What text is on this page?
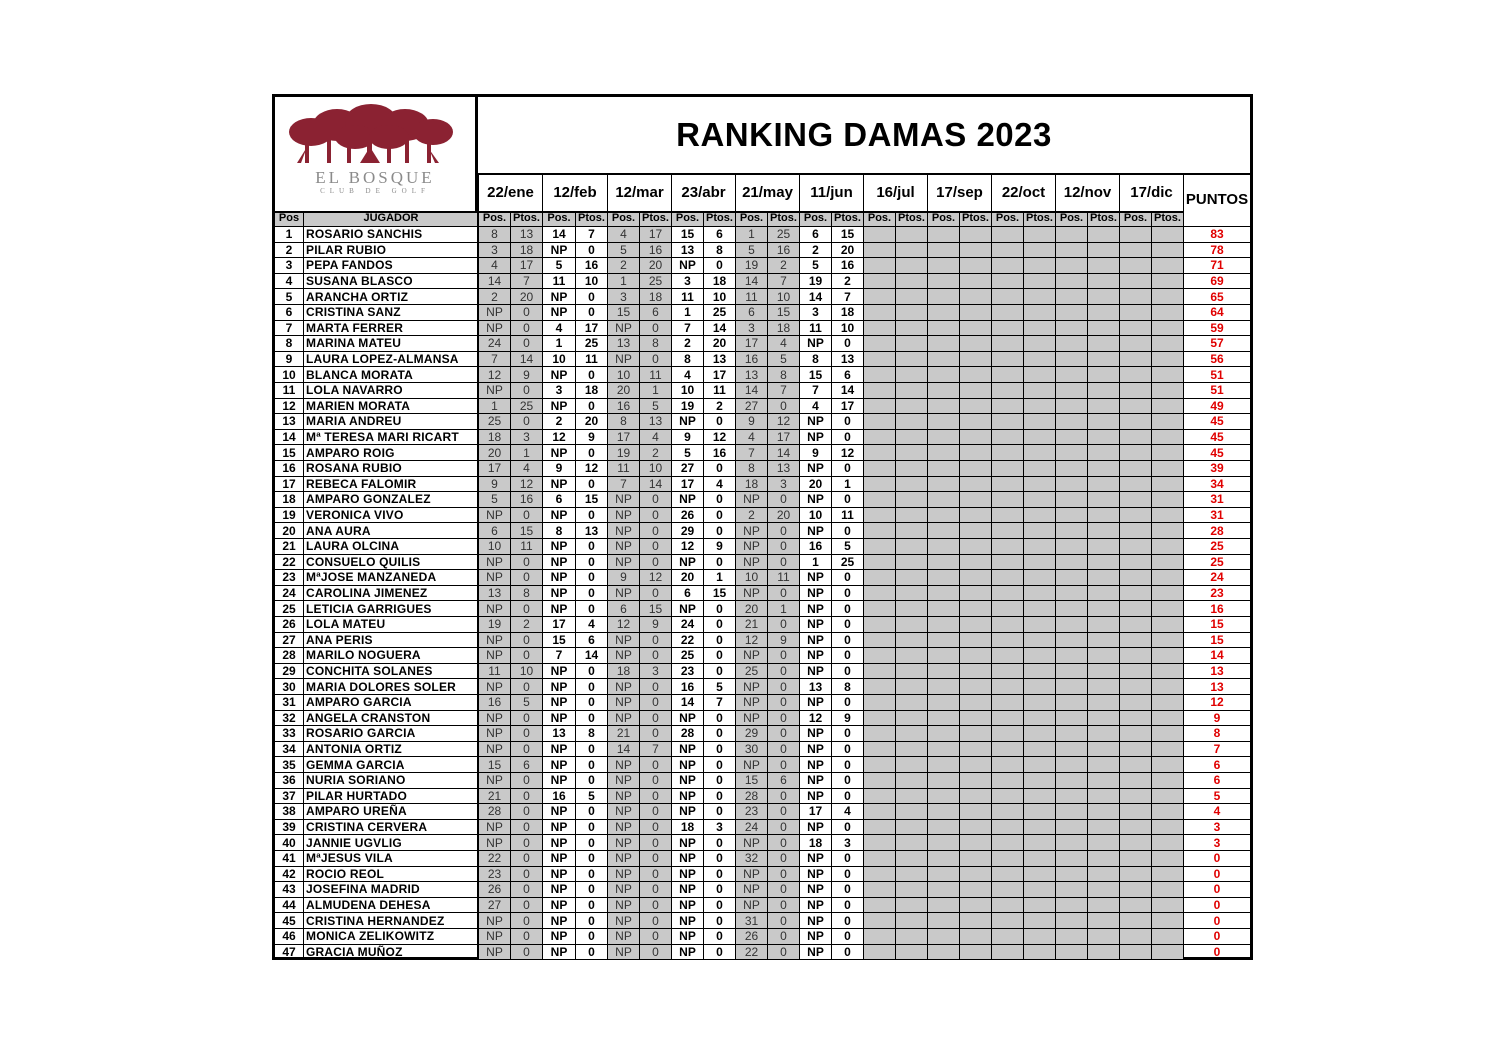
EL BOSQUE
CLUB DE GOLF
RANKING DAMAS 2023
22/ene	12/feb	12/mar	23/abr	21/may	11/jun	16/jul	17/sep	22/oct	12/nov	17/dic PUNTOS
Pos	JUGADOR	Pos. Ptos. Pos. Ptos. Pos. Ptos. Pos. Ptos. Pos. Ptos. Pos. Ptos. Pos. Ptos. Pos. Ptos. Pos. Ptos. Pos. Ptos. Pos. Ptos.
1	ROSARIO SANCHIS	8	13	14	7	4	17	15	6	1	25	6	15	83
2	PILAR RUBIO	3	18	NP	0	5	16	13	8	5	16	2	20	78
3	PEPA FANDOS	4	17	5	16	2	20	NP	0	19	2	5	16	71
4	SUSANA BLASCO	14	7	11	10	1	25	3	18	14	7	19	2	69
5	ARANCHA ORTIZ	2	20	NP	0	3	18	11	10	11	10	14	7	65
6	CRISTINA SANZ	NP	0	NP	0	15	6	1	25	6	15	3	18	64
7	MARTA FERRER	NP	0	4	17	NP	0	7	14	3	18	11	10	59
8	MARINA MATEU	24	0	1	25	13	8	2	20	17	4	NP	0	57
9	LAURA LOPEZ-ALMANSA	7	14	10	11	NP	0	8	13	16	5	8	13	56
10 BLANCA MORATA	12	9	NP	0	10	11	4	17	13	8	15	6	51
11 LOLA NAVARRO	NP	0	3	18	20	1	10	11	14	7	7	14	51
12 MARIEN MORATA	1	25	NP	0	16	5	19	2	27	0	4	17	49
13 MARIA ANDREU	25	0	2	20	8	13	NP	0	9	12	NP	0	45
14 Mª TERESA MARI RICART	18	3	12	9	17	4	9	12	4	17	NP	0	45
15 AMPARO ROIG	20	1	NP	0	19	2	5	16	7	14	9	12	45
16 ROSANA RUBIO	17	4	9	12	11	10	27	0	8	13	NP	0	39
17 REBECA FALOMIR	9	12	NP	0	7	14	17	4	18	3	20	1	34
18 AMPARO GONZALEZ	5	16	6	15	NP	0	NP	0	NP	0	NP	0	31
19 VERONICA VIVO	NP	0	NP	0	NP	0	26	0	2	20	10	11	31
20 ANA AURA	6	15	8	13	NP	0	29	0	NP	0	NP	0	28
21 LAURA OLCINA	10	11	NP	0	NP	0	12	9	NP	0	16	5	25
22 CONSUELO QUILIS	NP	0	NP	0	NP	0	NP	0	NP	0	1	25	25
23 MªJOSE MANZANEDA	NP	0	NP	0	9	12	20	1	10	11	NP	0	24
24 CAROLINA JIMENEZ	13	8	NP	0	NP	0	6	15	NP	0	NP	0	23
25 LETICIA GARRIGUES	NP	0	NP	0	6	15	NP	0	20	1	NP	0	16
26 LOLA MATEU	19	2	17	4	12	9	24	0	21	0	NP	0	15
27 ANA PERIS	NP	0	15	6	NP	0	22	0	12	9	NP	0	15
28 MARILO NOGUERA	NP	0	7	14	NP	0	25	0	NP	0	NP	0	14
29 CONCHITA SOLANES	11	10	NP	0	18	3	23	0	25	0	NP	0	13
30 MARIA DOLORES SOLER	NP	0	NP	0	NP	0	16	5	NP	0	13	8	13
31 AMPARO GARCIA	16	5	NP	0	NP	0	14	7	NP	0	NP	0	12
32 ANGELA CRANSTON	NP	0	NP	0	NP	0	NP	0	NP	0	12	9	9
33 ROSARIO GARCIA	NP	0	13	8	21	0	28	0	29	0	NP	0	8
34 ANTONIA ORTIZ	NP	0	NP	0	14	7	NP	0	30	0	NP	0	7
35 GEMMA GARCIA	15	6	NP	0	NP	0	NP	0	NP	0	NP	0	6
36 NURIA SORIANO	NP	0	NP	0	NP	0	NP	0	15	6	NP	0	6
37 PILAR HURTADO	21	0	16	5	NP	0	NP	0	28	0	NP	0	5
38 AMPARO UREÑA	28	0	NP	0	NP	0	NP	0	23	0	17	4	4
39 CRISTINA CERVERA	NP	0	NP	0	NP	0	18	3	24	0	NP	0	3
40 JANNIE UGVLIG	NP	0	NP	0	NP	0	NP	0	NP	0	18	3	3
41 MªJESUS VILA	22	0	NP	0	NP	0	NP	0	32	0	NP	0	0
42 ROCIO REOL	23	0	NP	0	NP	0	NP	0	NP	0	NP	0	0
43 JOSEFINA MADRID	26	0	NP	0	NP	0	NP	0	NP	0	NP	0	0
44 ALMUDENA DEHESA	27	0	NP	0	NP	0	NP	0	NP	0	NP	0	0
45 CRISTINA HERNANDEZ	NP	0	NP	0	NP	0	NP	0	31	0	NP	0	0
46 MONICA ZELIKOWITZ	NP	0	NP	0	NP	0	NP	0	26	0	NP	0	0
47 GRACIA MUÑOZ	NP	0	NP	0	NP	0	NP	0	22	0	NP	0	0
